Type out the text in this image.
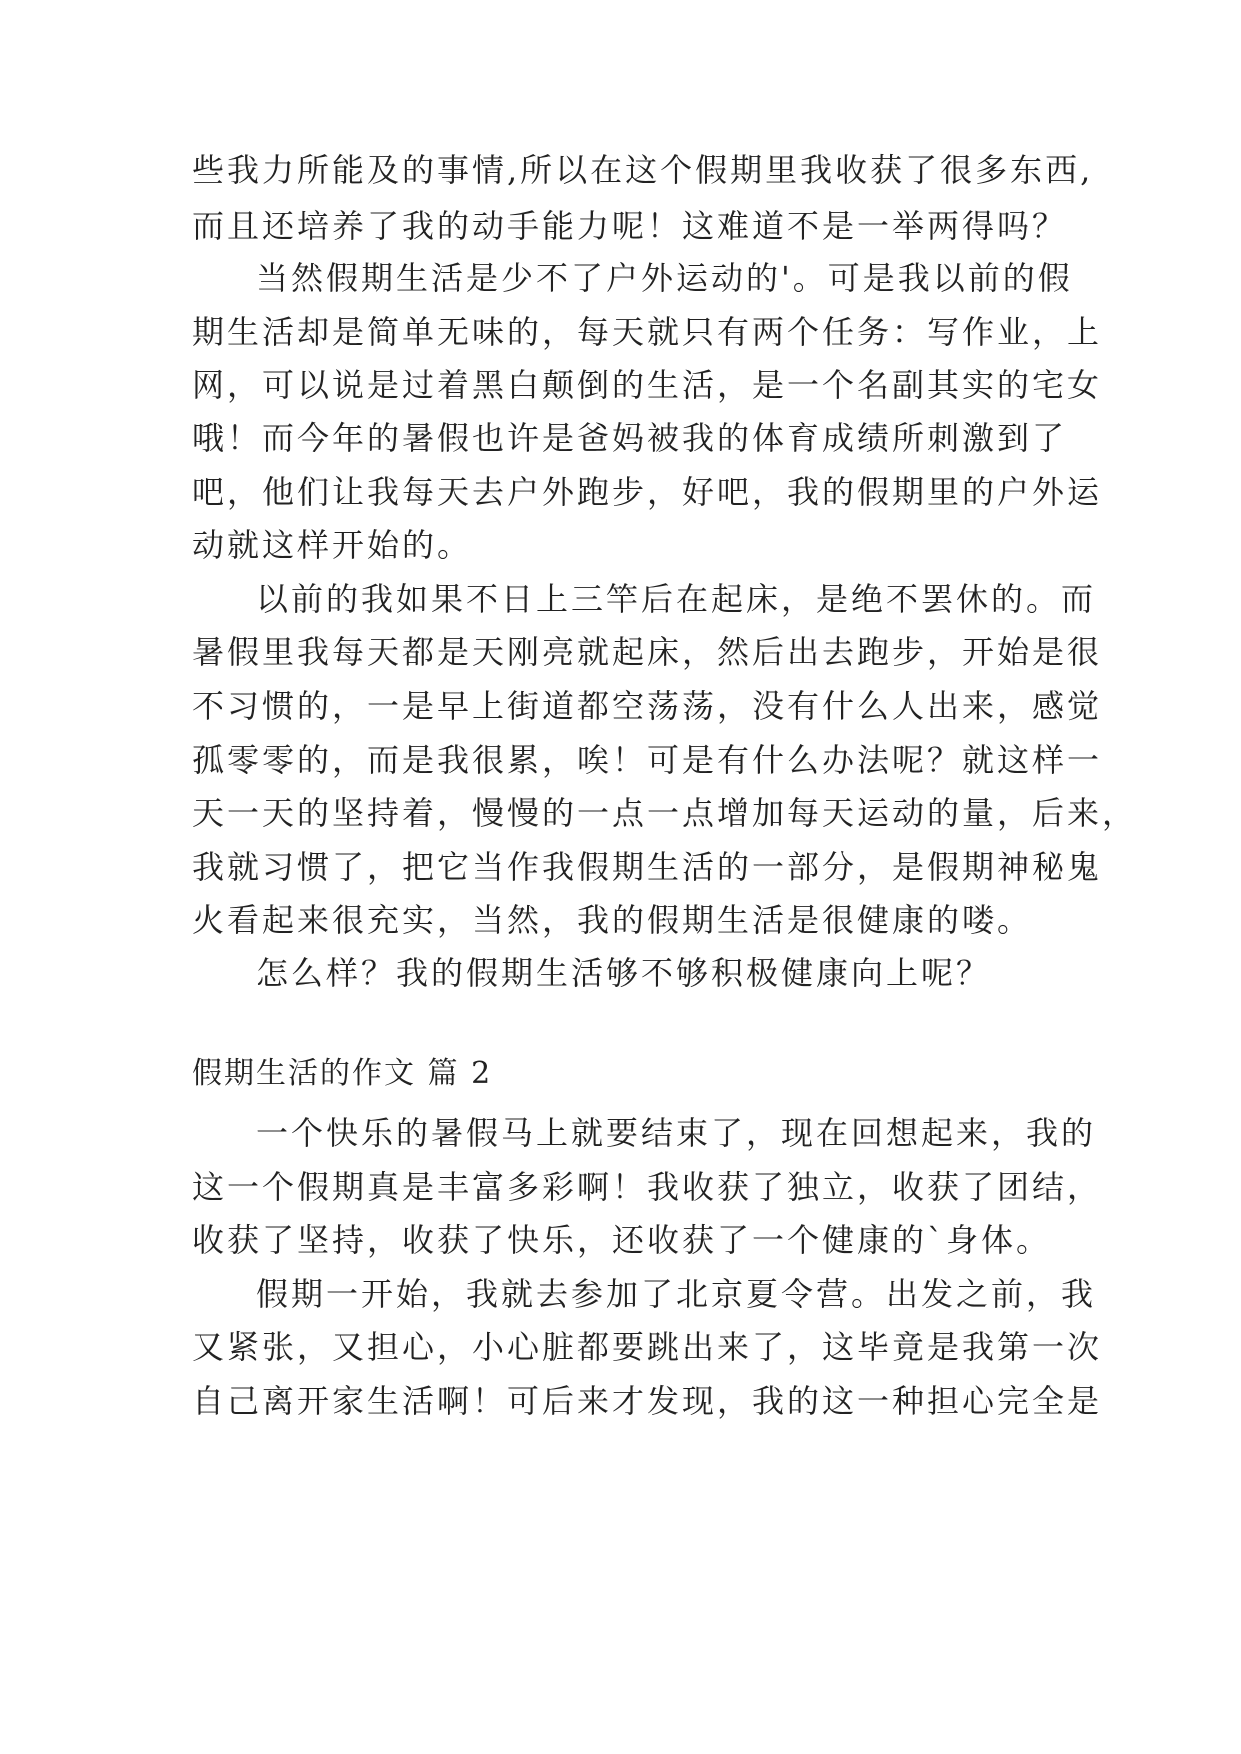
些我力所能及的事情,所以在这个假期里我收获了很多东西,
而且还培养了我的动手能力呢！这难道不是一举两得吗？
当然假期生活是少不了户外运动的'。可是我以前的假
期生活却是简单无味的，每天就只有两个任务：写作业，上
网，可以说是过着黑白颠倒的生活，是一个名副其实的宅女
哦！而今年的暑假也许是爸妈被我的体育成绩所刺激到了
吧，他们让我每天去户外跑步，好吧，我的假期里的户外运
动就这样开始的。
以前的我如果不日上三竿后在起床，是绝不罢休的。而
暑假里我每天都是天刚亮就起床，然后出去跑步，开始是很
不习惯的，一是早上街道都空荡荡，没有什么人出来，感觉
孤零零的，而是我很累，唉！可是有什么办法呢？就这样一
天一天的坚持着，慢慢的一点一点增加每天运动的量，后来，
我就习惯了，把它当作我假期生活的一部分，是假期神秘鬼
火看起来很充实，当然，我的假期生活是很健康的喽。
怎么样？我的假期生活够不够积极健康向上呢？
假期生活的作文 篇 2
一个快乐的暑假马上就要结束了，现在回想起来，我的
这一个假期真是丰富多彩啊！我收获了独立，收获了团结，
收获了坚持，收获了快乐，还收获了一个健康的`身体。
假期一开始，我就去参加了北京夏令营。出发之前，我
又紧张，又担心，小心脏都要跳出来了，这毕竟是我第一次
自己离开家生活啊！可后来才发现，我的这一种担心完全是
